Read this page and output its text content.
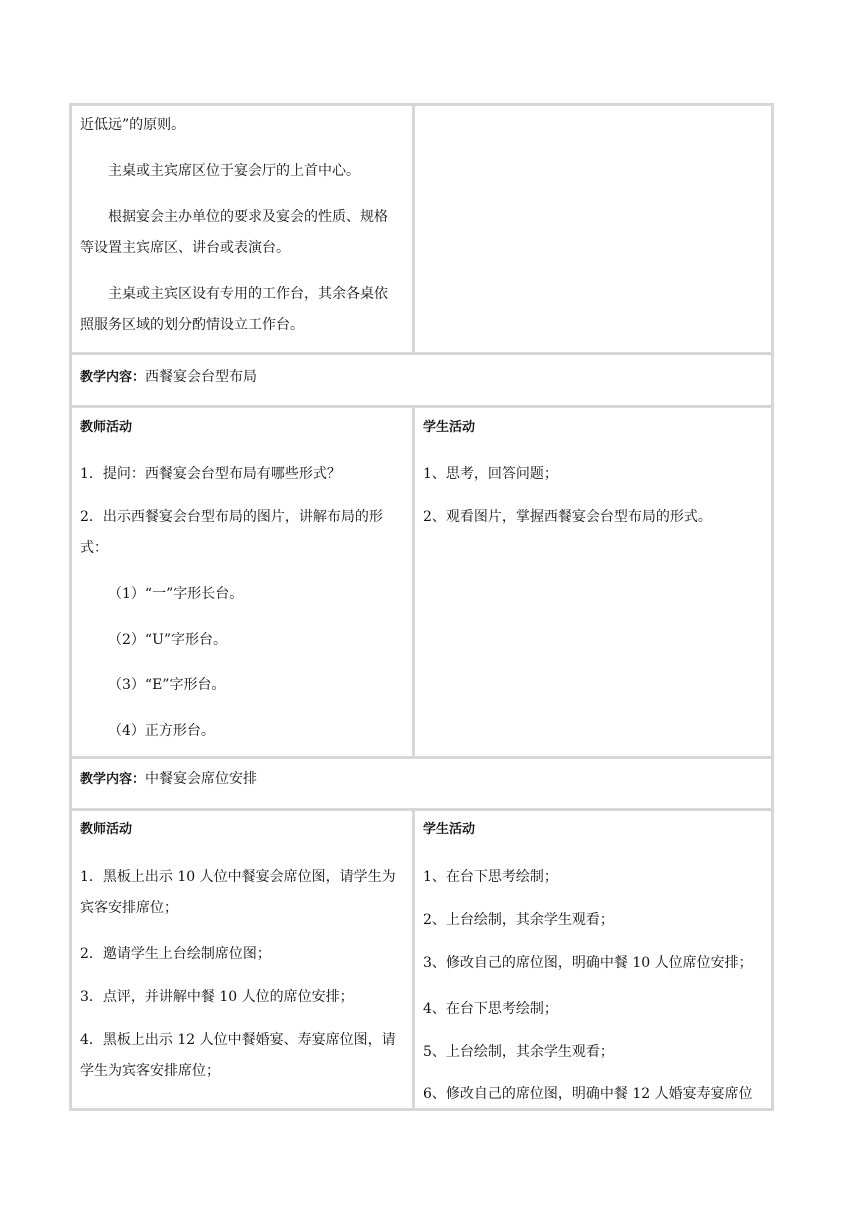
近低远”的原则。
主桌或主宾席区位于宴会厅的上首中心。
根据宴会主办单位的要求及宴会的性质、规格
等设置主宾席区、讲台或表演台。
主桌或主宾区设有专用的工作台，其余各桌依
照服务区域的划分酌情设立工作台。
教学内容：西餐宴会台型布局
教师活动	学生活动
1．提问：西餐宴会台型布局有哪些形式？
2．出示西餐宴会台型布局的图片，讲解布局的形
式：
（1）“一”字形长台。
（2）“U”字形台。
（3）“E”字形台。
（4）正方形台。
1、思考，回答问题；
2、观看图片，掌握西餐宴会台型布局的形式。
教学内容：中餐宴会席位安排
教师活动	学生活动
1．黑板上出示 10 人位中餐宴会席位图，请学生为
宾客安排席位；
2．邀请学生上台绘制席位图；
3．点评，并讲解中餐 10 人位的席位安排；
4．黑板上出示 12 人位中餐婚宴、寿宴席位图，请
学生为宾客安排席位；
1、在台下思考绘制；
2、上台绘制，其余学生观看；
3、修改自己的席位图，明确中餐 10 人位席位安排；
4、在台下思考绘制；
5、上台绘制，其余学生观看；
6、修改自己的席位图，明确中餐 12 人婚宴寿宴席位
